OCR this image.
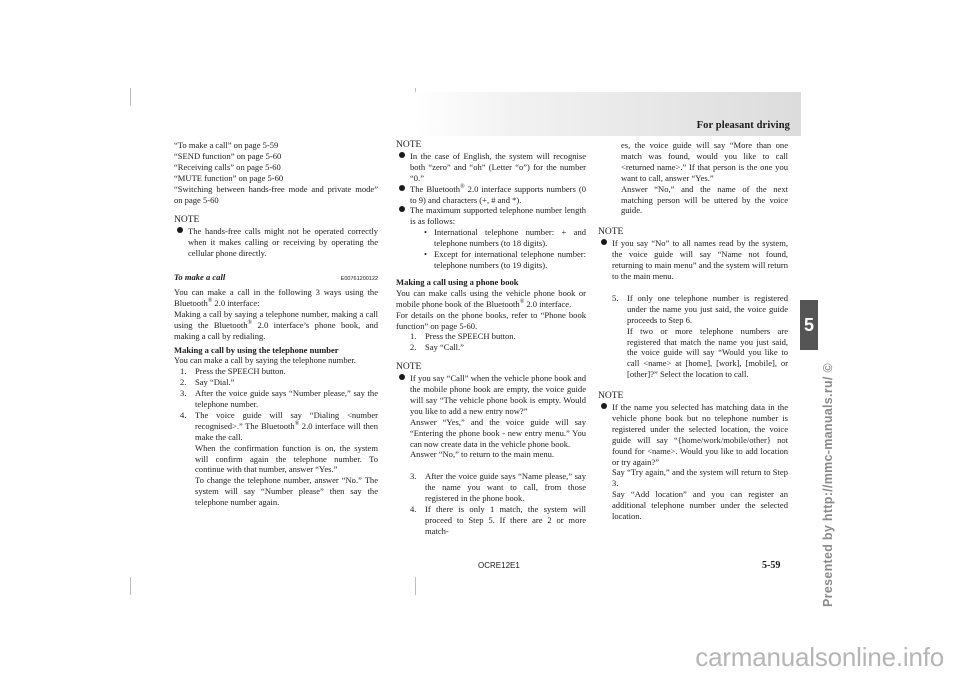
For pleasant driving
5
Presented by http://mmc-manuals.ru/ ©

“To make a call” on page 5-59

“SEND function” on page 5-60

“Receiving calls” on page 5-60

“MUTE function” on page 5-60

“Switching between hands-free mode and private mode” on page 5-60

NOTE

The hands-free calls might not be operated correctly when it makes calling or receiving by operating the cellular phone directly.

To make a call	E00761200122

You can make a call in the following 3 ways using the Bluetooth® 2.0 interface:

Making a call by saying a telephone number, making a call using the Bluetooth® 2.0 interface’s phone book, and making a call by redialing.

Making a call by using the telephone number

You can make a call by saying the telephone number.

1. Press the SPEECH button.
2. Say “Dial.”
3. After the voice guide says “Number please,” say the telephone number.
4. The voice guide will say “Dialing <number recognised>.” The Bluetooth® 2.0 interface will then make the call.

When the confirmation function is on, the system will confirm again the telephone number. To continue with that number, answer “Yes.”

To change the telephone number, answer “No.” The system will say “Number please” then say the telephone number again.

NOTE

In the case of English, the system will recognise both “zero” and “oh” (Letter “o”) for the number “0.”
The Bluetooth® 2.0 interface supports numbers (0 to 9) and characters (+, # and *).
The maximum supported telephone number length is as follows:
• International telephone number: + and telephone numbers (to 18 digits).
• Except for international telephone number: telephone numbers (to 19 digits).

Making a call using a phone book

You can make calls using the vehicle phone book or mobile phone book of the Bluetooth® 2.0 interface.

For details on the phone books, refer to “Phone book function” on page 5-60.

1. Press the SPEECH button.
2. Say “Call.”

NOTE

If you say “Call” when the vehicle phone book and the mobile phone book are empty, the voice guide will say “The vehicle phone book is empty. Would you like to add a new entry now?”

Answer “Yes,” and the voice guide will say “Entering the phone book - new entry menu.” You can now create data in the vehicle phone book.

Answer “No,” to return to the main menu.

3. After the voice guide says “Name please,” say the name you want to call, from those registered in the phone book.
4. If there is only 1 match, the system will proceed to Step 5. If there are 2 or more match-

es, the voice guide will say “More than one match was found, would you like to call <returned name>.” If that person is the one you want to call, answer “Yes.”

Answer “No,” and the name of the next matching person will be uttered by the voice guide.

NOTE

If you say “No” to all names read by the system, the voice guide will say “Name not found, returning to main menu” and the system will return to the main menu.
5. If only one telephone number is registered under the name you just said, the voice guide proceeds to Step 6.

If two or more telephone numbers are registered that match the name you just said, the voice guide will say “Would you like to call <name> at [home], [work], [mobile], or [other]?” Select the location to call.

NOTE

If the name you selected has matching data in the vehicle phone book but no telephone number is registered under the selected location, the voice guide will say “{home/work/mobile/other} not found for <name>. Would you like to add location or try again?”

Say “Try again,” and the system will return to Step 3.

Say “Add location” and you can register an additional telephone number under the selected location.

OCRE12E1	5-59
carmanualsonline.info
